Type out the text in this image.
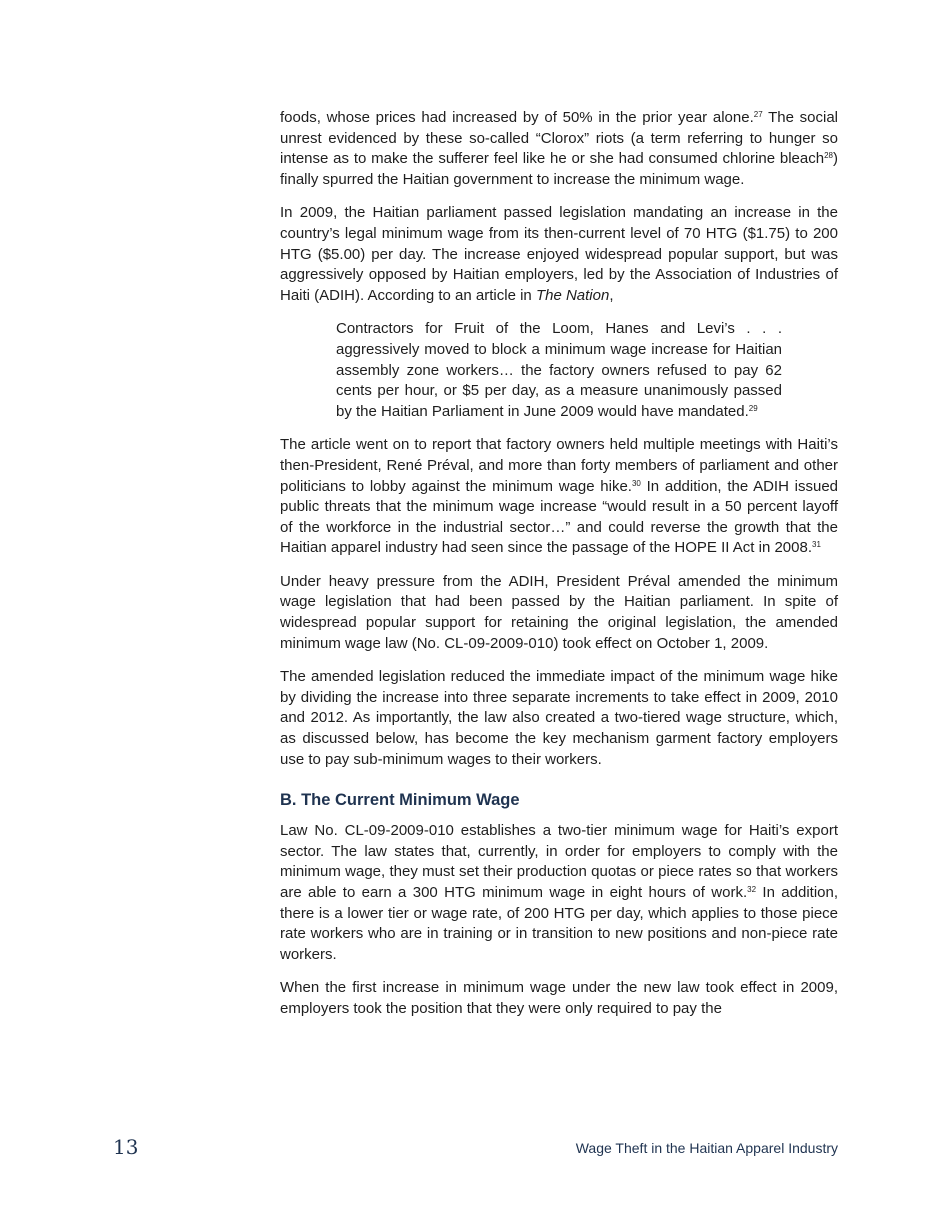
foods, whose prices had increased by of 50% in the prior year alone.$^{27}$ The social unrest evidenced by these so-called “Clorox” riots (a term referring to hunger so intense as to make the sufferer feel like he or she had consumed chlorine bleach$^{28}$) finally spurred the Haitian government to increase the minimum wage.

In 2009, the Haitian parliament passed legislation mandating an increase in the country’s legal minimum wage from its then-current level of 70 HTG ($1.75) to 200 HTG ($5.00) per day. The increase enjoyed widespread popular support, but was aggressively opposed by Haitian employers, led by the Association of Industries of Haiti (ADIH). According to an article in The Nation,

Contractors for Fruit of the Loom, Hanes and Levi’s . . . aggressively moved to block a minimum wage increase for Haitian assembly zone workers… the factory owners refused to pay 62 cents per hour, or $5 per day, as a measure unanimously passed by the Haitian Parliament in June 2009 would have mandated.$^{29}$

The article went on to report that factory owners held multiple meetings with Haiti’s then-President, René Préval, and more than forty members of parliament and other politicians to lobby against the minimum wage hike.$^{30}$ In addition, the ADIH issued public threats that the minimum wage increase “would result in a 50 percent layoff of the workforce in the industrial sector…” and could reverse the growth that the Haitian apparel industry had seen since the passage of the HOPE II Act in 2008.31

Under heavy pressure from the ADIH, President Préval amended the minimum wage legislation that had been passed by the Haitian parliament. In spite of widespread popular support for retaining the original legislation, the amended minimum wage law (No. CL-09-2009-010) took effect on October 1, 2009.

The amended legislation reduced the immediate impact of the minimum wage hike by dividing the increase into three separate increments to take effect in 2009, 2010 and 2012. As importantly, the law also created a two-tiered wage structure, which, as discussed below, has become the key mechanism garment factory employers use to pay sub-minimum wages to their workers.

B. The Current Minimum Wage

Law No. CL-09-2009-010 establishes a two-tier minimum wage for Haiti’s export sector. The law states that, currently, in order for employers to comply with the minimum wage, they must set their production quotas or piece rates so that workers are able to earn a 300 HTG minimum wage in eight hours of work.$^{32}$ In addition, there is a lower tier or wage rate, of 200 HTG per day, which applies to those piece rate workers who are in training or in transition to new positions and non-piece rate workers.

When the first increase in minimum wage under the new law took effect in 2009, employers took the position that they were only required to pay the

13	Wage Theft in the Haitian Apparel Industry
